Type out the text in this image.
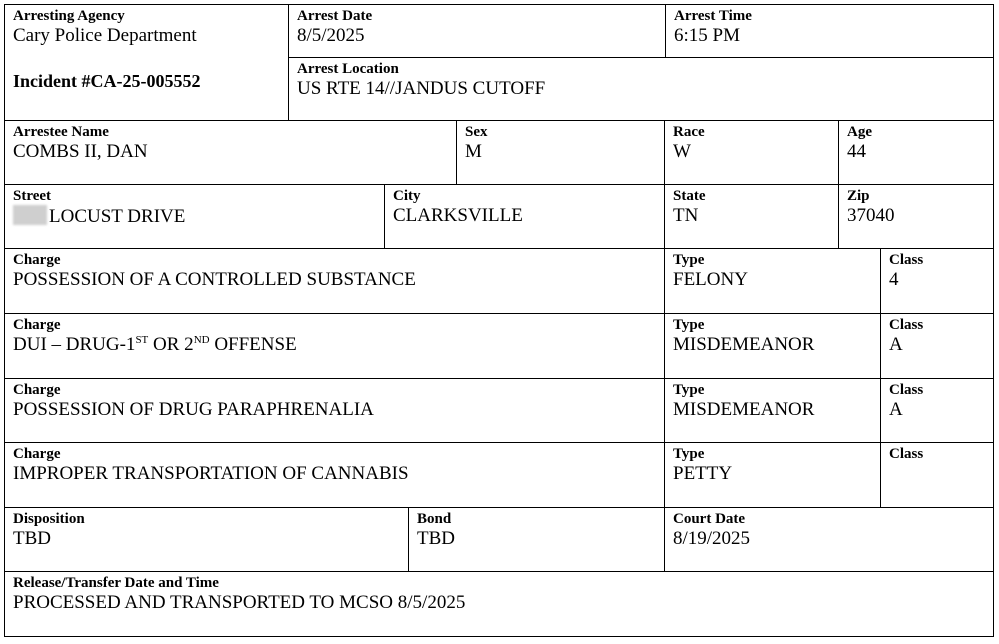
Arresting Agency
Cary Police Department
Incident #CA-25-005552
Arrest Date
8/5/2025
Arrest Time
6:15 PM
Arrest Location
US RTE 14//JANDUS CUTOFF
Arrestee Name
COMBS II, DAN
Sex
M
Race
W
Age
44
Street
LOCUST DRIVE
City
CLARKSVILLE
State
TN
Zip
37040
Charge
POSSESSION OF A CONTROLLED SUBSTANCE
Type
FELONY
Class
4
Charge
DUI – DRUG-1ST OR 2ND OFFENSE
Type
MISDEMEANOR
Class
A
Charge
POSSESSION OF DRUG PARAPHRENALIA
Type
MISDEMEANOR
Class
A
Charge
IMPROPER TRANSPORTATION OF CANNABIS
Type
PETTY
Class
Disposition
TBD
Bond
TBD
Court Date
8/19/2025
Release/Transfer Date and Time
PROCESSED AND TRANSPORTED TO MCSO 8/5/2025
